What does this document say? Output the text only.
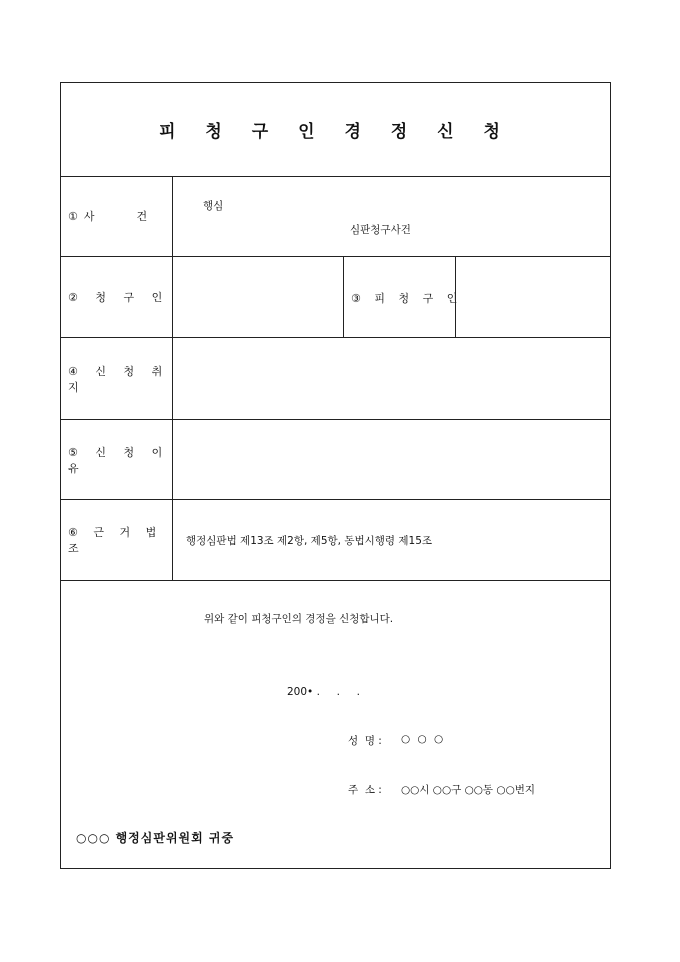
피 청 구 인 경 정 신 청
① 사	건
행심
심판청구사건
② 청 구 인	③ 피 청 구 인
④ 신 청 취 지
⑤ 신 청 이 유
⑥ 근 거 법 조
행정심판법 제13조 제2항, 제5항, 동법시행령 제15조
위와 같이 피청구인의 경정을 신청합니다.
200• .     .     .
성  명 : ○ ○ ○
주  소 : ○○시 ○○구 ○○동 ○○번지
○○○ 행정심판위원회 귀중
